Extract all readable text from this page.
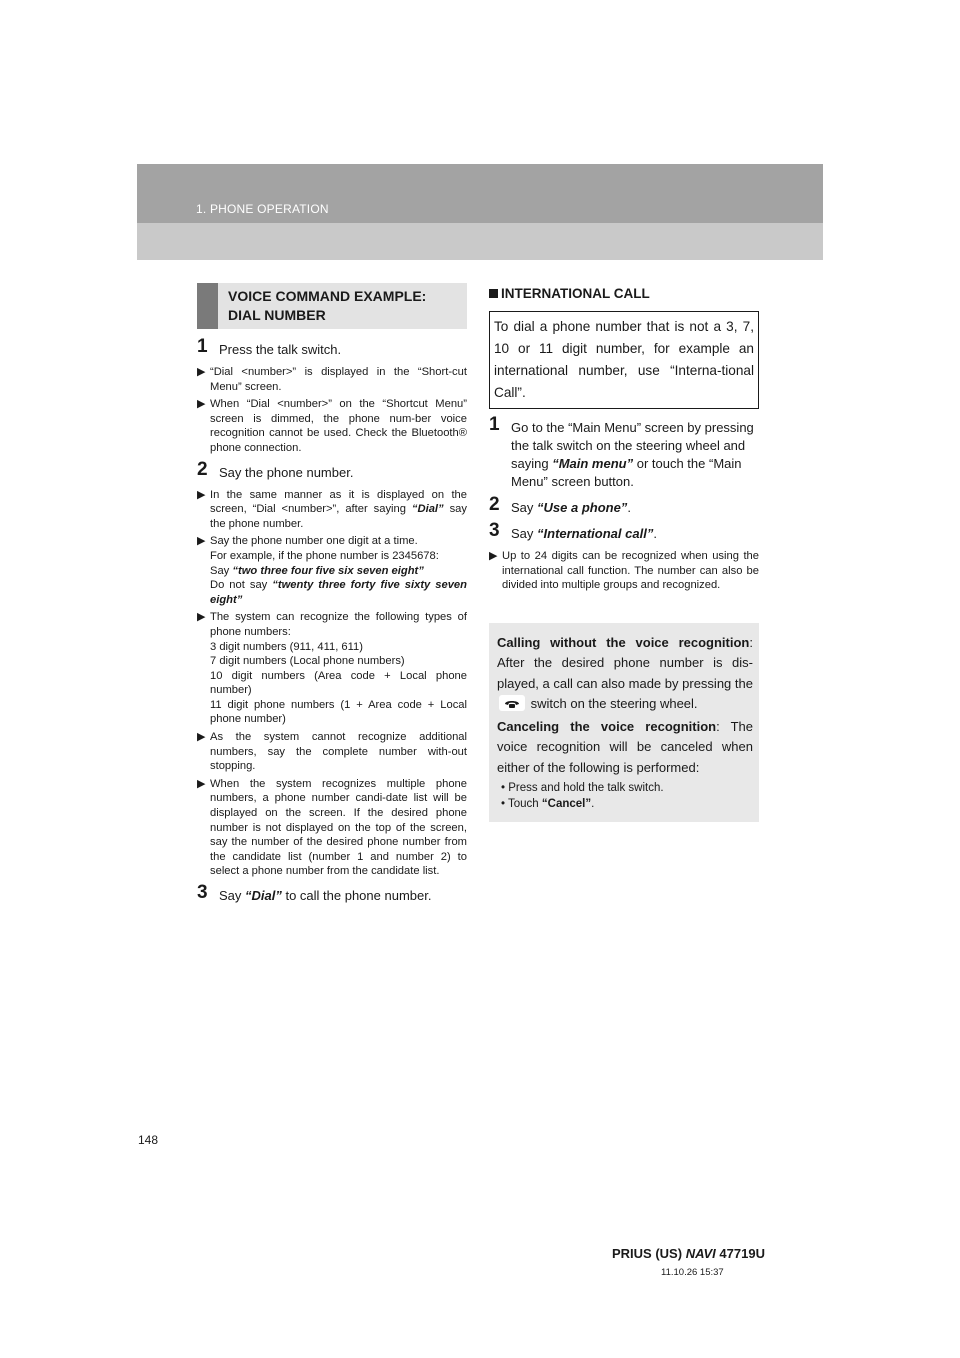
1. PHONE OPERATION
VOICE COMMAND EXAMPLE:
DIAL NUMBER
1 Press the talk switch.
▶ “Dial <number>” is displayed in the “Short-cut Menu” screen.
▶ When “Dial <number>” on the “Shortcut Menu” screen is dimmed, the phone num-ber voice recognition cannot be used. Check the Bluetooth® phone connection.
2 Say the phone number.
▶ In the same manner as it is displayed on the screen, “Dial <number>”, after saying “Dial” say the phone number.
▶ Say the phone number one digit at a time.
For example, if the phone number is 2345678:
Say “two three four five six seven eight”
Do not say “twenty three forty five sixty seven eight”
▶ The system can recognize the following types of phone numbers:
3 digit numbers (911, 411, 611)
7 digit numbers (Local phone numbers)
10 digit numbers (Area code + Local phone number)
11 digit phone numbers (1 + Area code + Local phone number)
▶ As the system cannot recognize additional numbers, say the complete number with-out stopping.
▶ When the system recognizes multiple phone numbers, a phone number candi-date list will be displayed on the screen. If the desired phone number is not displayed on the top of the screen, say the number of the desired phone number from the candidate list (number 1 and number 2) to select a phone number from the candidate list.
3 Say “Dial” to call the phone number.
INTERNATIONAL CALL
To dial a phone number that is not a 3, 7, 10 or 11 digit number, for example an international number, use “Interna-tional Call”.
1 Go to the “Main Menu” screen by pressing the talk switch on the steering wheel and saying “Main menu” or touch the “Main Menu” screen button.
2 Say “Use a phone”.
3 Say “International call”.
▶ Up to 24 digits can be recognized when using the international call function. The number can also be divided into multiple groups and recognized.

Calling without the voice recognition: After the desired phone number is dis-played, a call can also made by pressing the  switch on the steering wheel.

Canceling the voice recognition: The voice recognition will be canceled when either of the following is performed:

• Press and hold the talk switch.
• Touch “Cancel”.
148
PRIUS (US) NAVI 47719U
11.10.26 15:37
